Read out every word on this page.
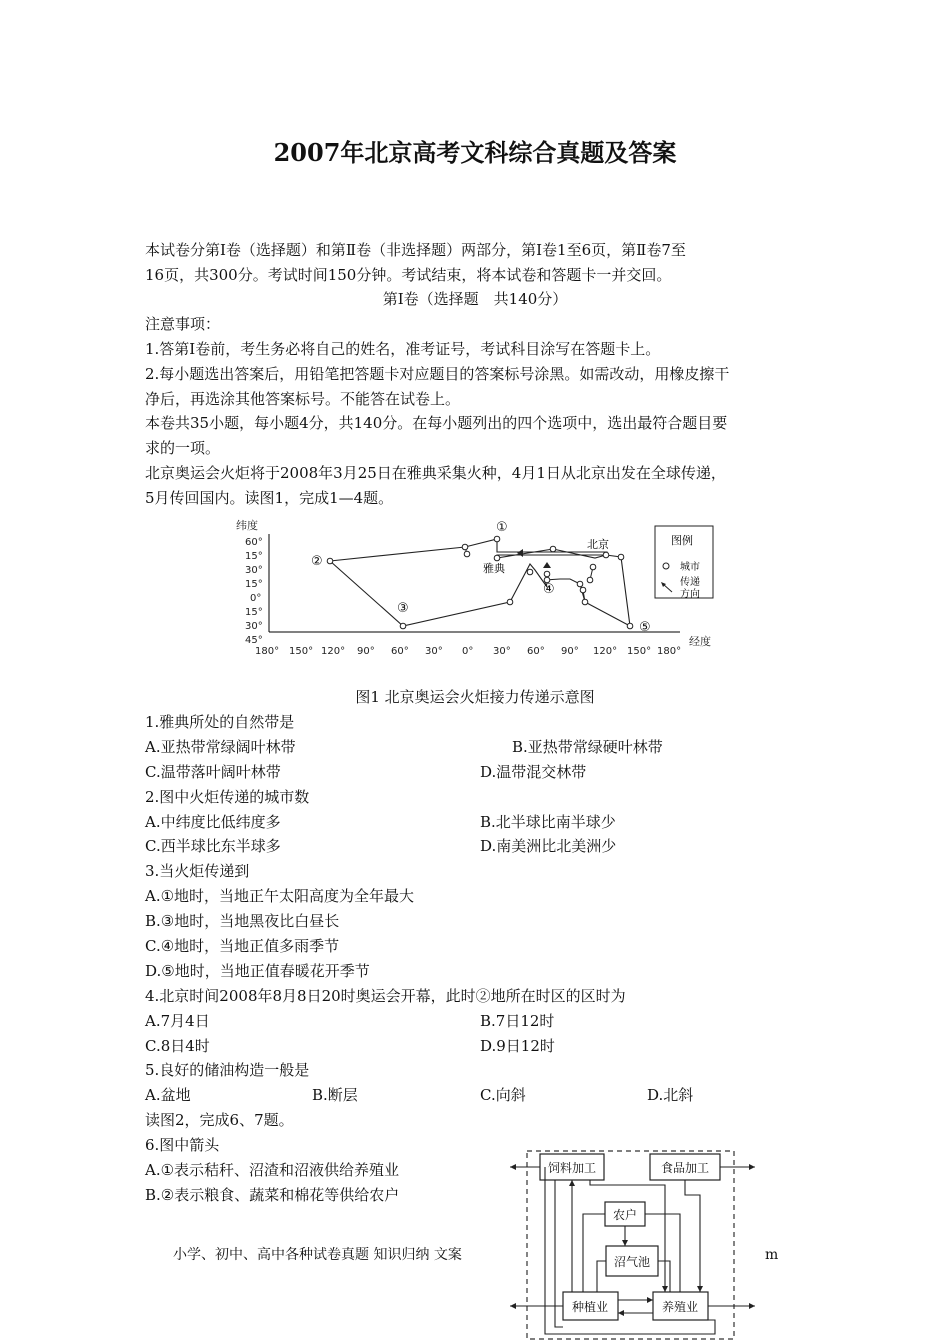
2007年北京高考文科综合真题及答案
本试卷分第Ⅰ卷（选择题）和第Ⅱ卷（非选择题）两部分，第Ⅰ卷1至6页，第Ⅱ卷7至
16页，共300分。考试时间150分钟。考试结束，将本试卷和答题卡一并交回。
第Ⅰ卷（选择题　共140分）
注意事项：
1.答第Ⅰ卷前，考生务必将自己的姓名，准考证号，考试科目涂写在答题卡上。
2.每小题选出答案后，用铅笔把答题卡对应题目的答案标号涂黑。如需改动，用橡皮擦干
净后，再选涂其他答案标号。不能答在试卷上。
本卷共35小题，每小题4分，共140分。在每小题列出的四个选项中，选出最符合题目要
求的一项。
北京奥运会火炬将于2008年3月25日在雅典采集火种，4月1日从北京出发在全球传递，
5月传回国内。读图1，完成1—4题。
纬度
经度
60°
15°
30°
15°
0°
15°
30°
45°
180° 150° 120° 90° 60° 30° 0° 30° 60° 90° 120° 150° 180°
①
②
③
④
⑤
北京
雅典
图例
城市
传递
方向
图1 北京奥运会火炬接力传递示意图
1.雅典所处的自然带是
A.亚热带常绿阔叶林带	B.亚热带常绿硬叶林带
C.温带落叶阔叶林带	D.温带混交林带
2.图中火炬传递的城市数
A.中纬度比低纬度多	B.北半球比南半球少
C.西半球比东半球多	D.南美洲比北美洲少
3.当火炬传递到
A.①地时，当地正午太阳高度为全年最大
B.③地时，当地黑夜比白昼长
C.④地时，当地正值多雨季节
D.⑤地时，当地正值春暖花开季节
4.北京时间2008年8月8日20时奥运会开幕，此时②地所在时区的区时为
A.7月4日	B.7日12时
C.8日4时	D.9日12时
5.良好的储油构造一般是
A.盆地	B.断层	C.向斜	D.北斜
读图2，完成6、7题。
6.图中箭头
A.①表示秸秆、沼渣和沼液供给养殖业
B.②表示粮食、蔬菜和棉花等供给农户
小学、初中、高中各种试卷真题 知识归纳 文案	m
饲料加工	食品加工
农户
沼气池
种植业	养殖业
